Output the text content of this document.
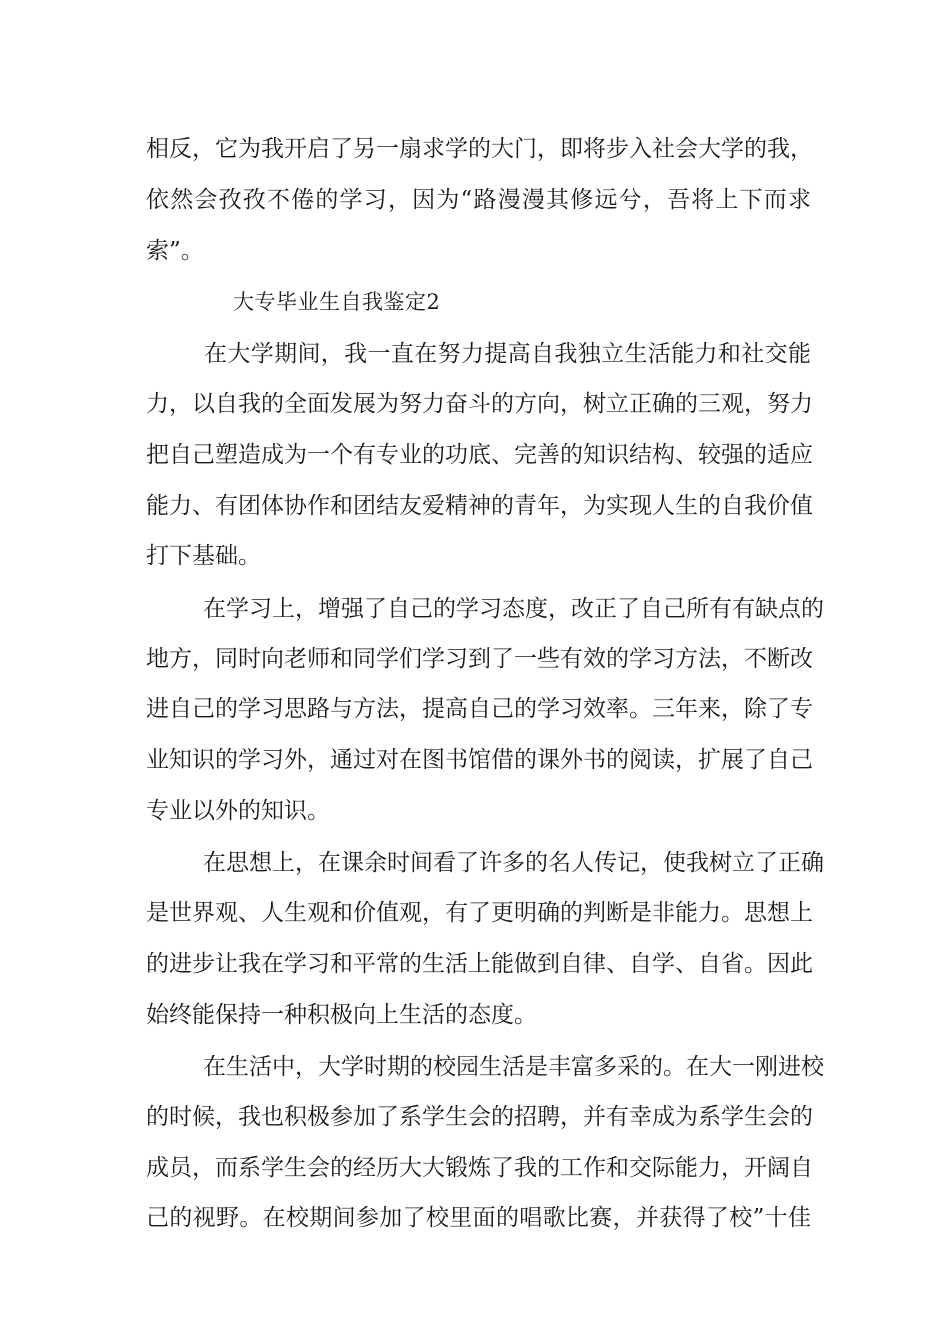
相反，它为我开启了另一扇求学的大门，即将步入社会大学的我，
依然会孜孜不倦的学习，因为“路漫漫其修远兮，吾将上下而求
索”。
大专毕业生自我鉴定2
在大学期间，我一直在努力提高自我独立生活能力和社交能
力，以自我的全面发展为努力奋斗的方向，树立正确的三观，努力
把自己塑造成为一个有专业的功底、完善的知识结构、较强的适应
能力、有团体协作和团结友爱精神的青年，为实现人生的自我价值
打下基础。
在学习上，增强了自己的学习态度，改正了自己所有有缺点的
地方，同时向老师和同学们学习到了一些有效的学习方法，不断改
进自己的学习思路与方法，提高自己的学习效率。三年来，除了专
业知识的学习外，通过对在图书馆借的课外书的阅读，扩展了自己
专业以外的知识。
在思想上，在课余时间看了许多的名人传记，使我树立了正确
是世界观、人生观和价值观，有了更明确的判断是非能力。思想上
的进步让我在学习和平常的生活上能做到自律、自学、自省。因此
始终能保持一种积极向上生活的态度。
在生活中，大学时期的校园生活是丰富多采的。在大一刚进校
的时候，我也积极参加了系学生会的招聘，并有幸成为系学生会的
成员，而系学生会的经历大大锻炼了我的工作和交际能力，开阔自
己的视野。在校期间参加了校里面的唱歌比赛，并获得了校”十佳
